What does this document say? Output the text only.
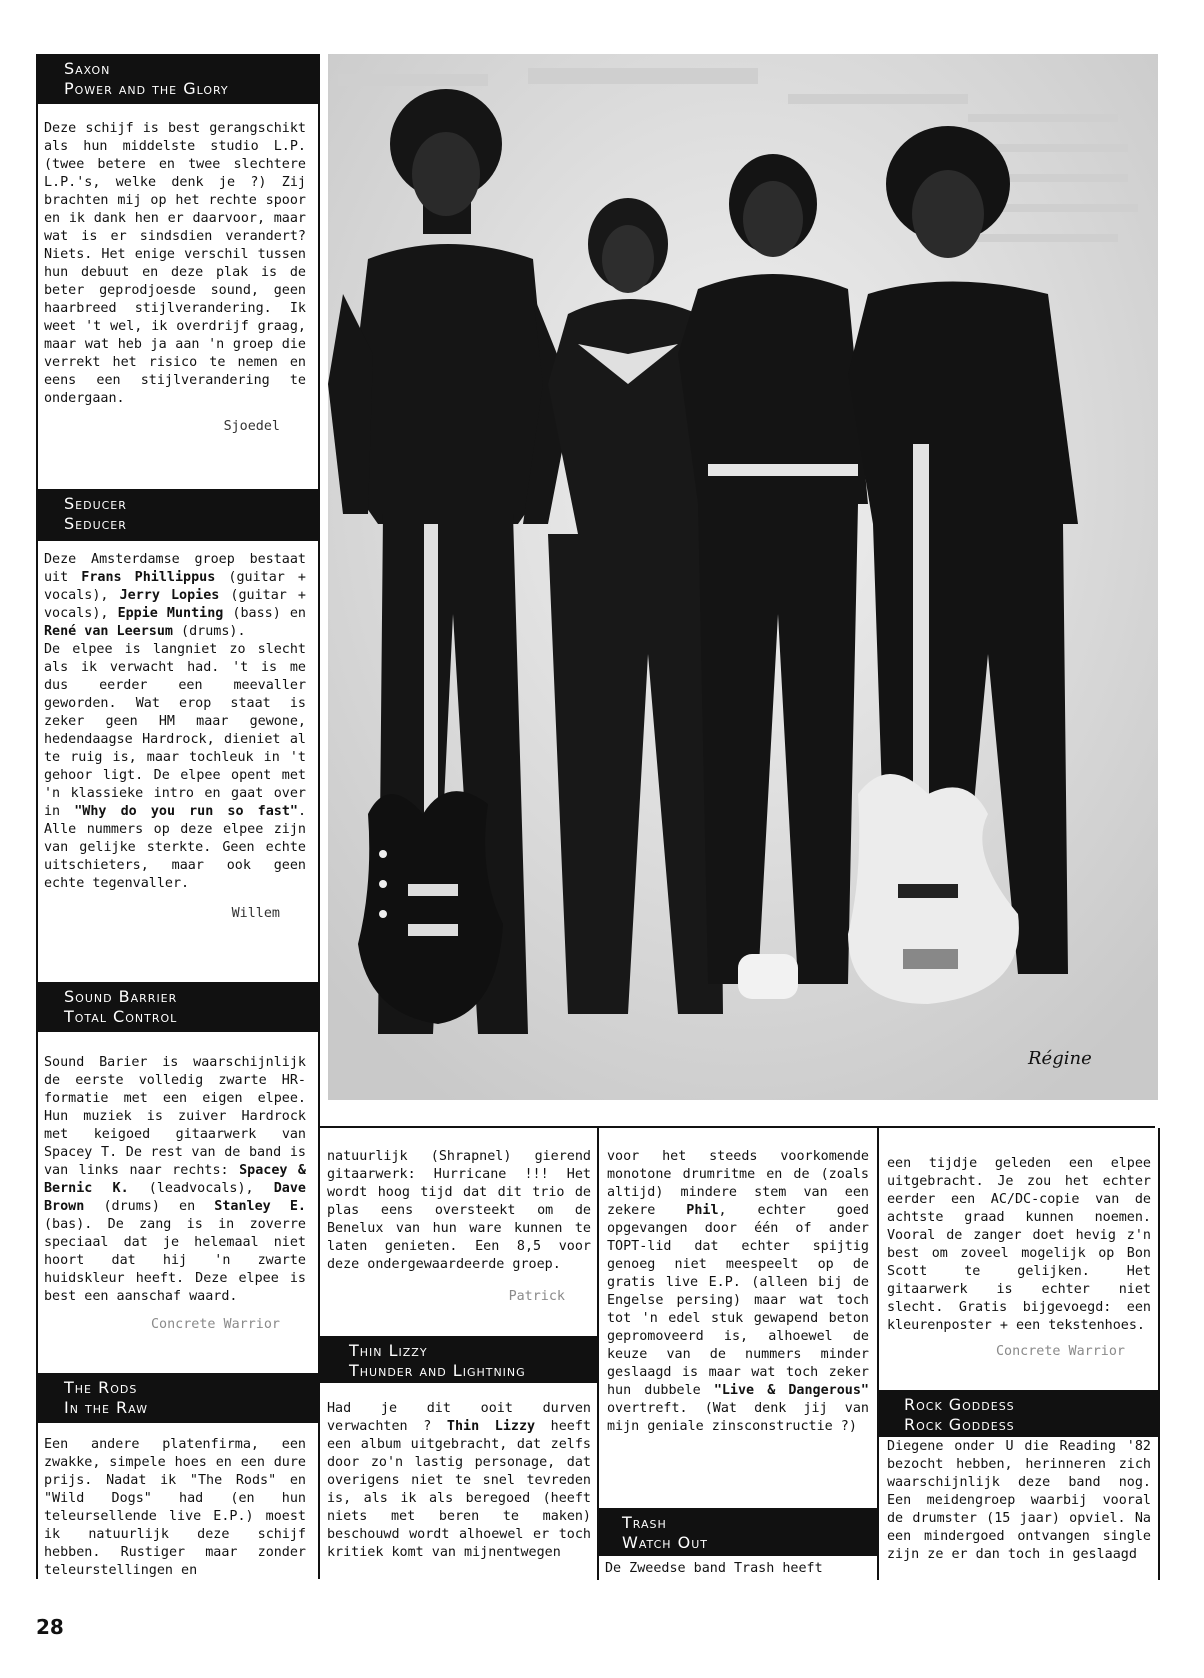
Saxon
Power and the Glory

Deze schijf is best gerangschikt als hun middelste studio L.P. (twee betere en twee slechtere L.P.'s, welke denk je ?) Zij brachten mij op het rechte spoor en ik dank hen er daarvoor, maar wat is er sindsdien verandert? Niets. Het enige verschil tussen hun debuut en deze plak is de beter geprodjoesde sound, geen haarbreed stijlverandering. Ik weet 't wel, ik overdrijf graag, maar wat heb ja aan 'n groep die verrekt het risico te nemen en eens een stijlverandering te ondergaan.

Sjoedel
Seducer
Seducer

Deze Amsterdamse groep bestaat uit Frans Phillippus (guitar + vocals), Jerry Lopies (guitar + vocals), Eppie Munting (bass) en René van Leersum (drums).

De elpee is langniet zo slecht als ik verwacht had. 't is me dus eerder een meevaller geworden. Wat erop staat is zeker geen HM maar gewone, hedendaagse Hardrock, dieniet al te ruig is, maar tochleuk in 't gehoor ligt. De elpee opent met 'n klassieke intro en gaat over in "Why do you run so fast". Alle nummers op deze elpee zijn van gelijke sterkte. Geen echte uitschieters, maar ook geen echte tegenvaller.

Willem
Sound Barrier
Total Control

Sound Barier is waarschijnlijk de eerste volledig zwarte HR-formatie met een eigen elpee. Hun muziek is zuiver Hardrock met keigoed gitaarwerk van Spacey T. De rest van de band is van links naar rechts: Spacey & Bernic K. (leadvocals), Dave Brown (drums) en Stanley E. (bas). De zang is in zoverre speciaal dat je helemaal niet hoort dat hij 'n zwarte huidskleur heeft. Deze elpee is best een aanschaf waard.

Concrete Warrior
The Rods
In the Raw

Een andere platenfirma, een zwakke, simpele hoes en een dure prijs. Nadat ik "The Rods" en "Wild Dogs" had (en hun teleursellende live E.P.) moest ik natuurlijk deze schijf hebben. Rustiger maar zonder teleurstellingen en

Régine

natuurlijk (Shrapnel) gierend gitaarwerk: Hurricane !!! Het wordt hoog tijd dat dit trio de plas eens oversteekt om de Benelux van hun ware kunnen te laten genieten. Een 8,5 voor deze ondergewaardeerde groep.

Patrick
Thin Lizzy
Thunder and Lightning

Had je dit ooit durven verwachten ? Thin Lizzy heeft een album uitgebracht, dat zelfs door zo'n lastig personage, dat overigens niet te snel tevreden is, als ik als beregoed (heeft niets met beren te maken) beschouwd wordt alhoewel er toch kritiek komt van mijnentwegen

voor het steeds voorkomende monotone drumritme en de (zoals altijd) mindere stem van een zekere Phil, echter goed opgevangen door één of ander TOPT-lid dat echter spijtig genoeg niet meespeelt op de gratis live E.P. (alleen bij de Engelse persing) maar wat toch tot 'n edel stuk gewapend beton gepromoveerd is, alhoewel de keuze van de nummers minder geslaagd is maar wat toch zeker hun dubbele "Live & Dangerous" overtreft. (Wat denk jij van mijn geniale zinsconstructie ?)

Trash
Watch Out

De Zweedse band Trash heeft

een tijdje geleden een elpee uitgebracht. Je zou het echter eerder een AC/DC-copie van de achtste graad kunnen noemen. Vooral de zanger doet hevig z'n best om zoveel mogelijk op Bon Scott te gelijken. Het gitaarwerk is echter niet slecht. Gratis bijgevoegd: een kleurenposter + een tekstenhoes.

Concrete Warrior
Rock Goddess
Rock Goddess

Diegene onder U die Reading '82 bezocht hebben, herinneren zich waarschijnlijk deze band nog. Een meidengroep waarbij vooral de drumster (15 jaar) opviel. Na een mindergoed ontvangen single zijn ze er dan toch in geslaagd

28
